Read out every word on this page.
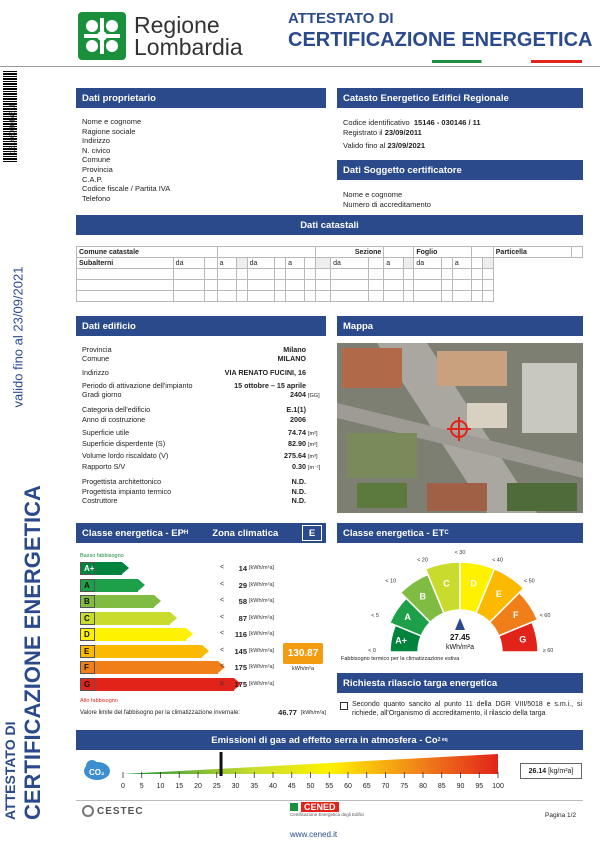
Regione
Lombardia
ATTESTATO DI
CERTIFICAZIONE ENERGETICA
1514603014611
valido fino al 23/09/2021
CERTIFICAZIONE ENERGETICA
ATTESTATO DI
Dati proprietario
Nome e cognome
Ragione sociale
Indirizzo
N. civico
Comune
Provincia
C.A.P.
Codice fiscale / Partita IVA
Telefono
Catasto Energetico Edifici Regionale
Codice identificativo 15146 - 030146 / 11
Registrato il 23/09/2011
Valido fino al 23/09/2021
Dati Soggetto certificatore
Nome e cognome
Numero di accreditamento
Dati catastali
Comune catastale									Sezione					Foglio					Particella	
Subalterni	da		a		da		a			da		a		da		a				

Dati edificio
Provincia	Milano
Comune	MILANO
Indirizzo	VIA RENATO FUCINI, 16
Periodo di attivazione dell'impianto	15 ottobre – 15 aprile
Gradi giorno	2404 [GG]
Categoria dell'edificio	E.1(1)
Anno di costruzione	2006
Superficie utile	74.74 [m²]
Superficie disperdente (S)	82.90 [m²]
Volume lordo riscaldato (V)	275.64 [m³]
Rapporto S/V	0.30 [m⁻¹]
Progettista architettonico	N.D.
Progettista impianto termico	N.D.
Costruttore	N.D.
Mappa
Classe energetica - EP H	Zona climatica	E
Basso fabbisogno
A+	<	14 [kWh/m²a]
A	<	29 [kWh/m²a]
B	<	58 [kWh/m²a]
C	<	87 [kWh/m²a]
D	<	116 [kWh/m²a]
E	<	145 [kWh/m²a]
F	<	175 [kWh/m²a]
G	≥	175 [kWh/m²a]
Alto fabbisogno
130.87
kWh/m²a
Valore limite del fabbisogno per la climatizzazione invernale:	46.77 [kWh/m²a]
Classe energetica - ET C
A+
A
B
C D
E
F
G
< 0
< 5
< 10
< 20
< 30
< 40
< 50
< 60
≥ 60
27.45
kWh/m²a
Fabbisogno termico per la climatizzazione estiva
Richiesta rilascio targa energetica
Secondo quanto sancito al punto 11 della DGR VIII/5018 e s.m.i., si richiede, all'Organismo di accreditamento, il rilascio della targa
Emissioni di gas ad effetto serra in atmosfera - Co 2 eq
CO₂
0 5 10 15 20 25 30 35 40 45 50 55 60 65 70 75 80 85 90 95 100
26.14
[kg/m²a]
CESTEC	CENED
Certificazione Energetica degli Edifici	Pagina 1/2
www.cened.it
